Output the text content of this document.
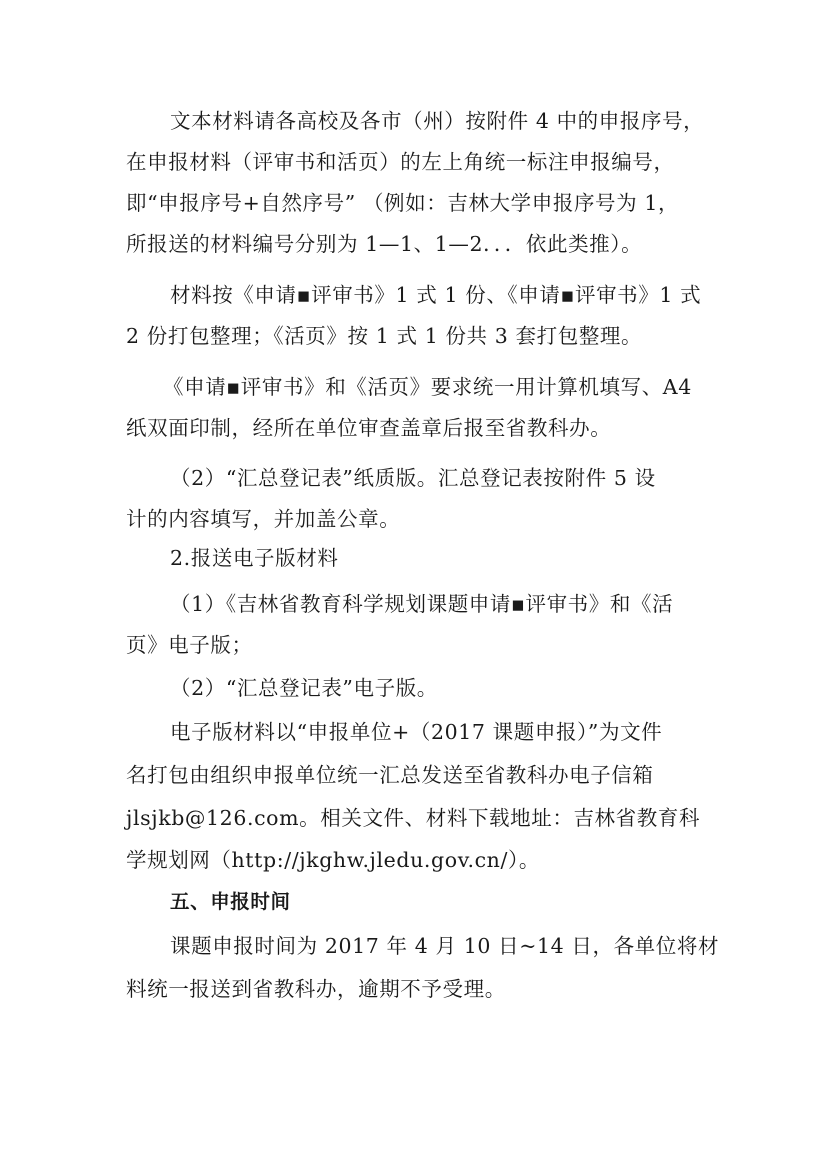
文本材料请各高校及各市（州）按附件 4 中的申报序号，
在申报材料（评审书和活页）的左上角统一标注申报编号，
即“申报序号+自然序号” （例如：吉林大学申报序号为 1，
所报送的材料编号分别为 1—1、1—2．．．依此类推）。
材料按《申请▪评审书》1 式 1 份、《申请▪评审书》1 式
2 份打包整理；《活页》按 1 式 1 份共 3 套打包整理。
《申请▪评审书》和《活页》要求统一用计算机填写、A4
纸双面印制，经所在单位审查盖章后报至省教科办。
（2）“汇总登记表”纸质版。汇总登记表按附件 5 设
计的内容填写，并加盖公章。
2.报送电子版材料
（1）《吉林省教育科学规划课题申请▪评审书》和《活
页》电子版；
（2）“汇总登记表”电子版。
电子版材料以“申报单位+（2017 课题申报）”为文件
名打包由组织申报单位统一汇总发送至省教科办电子信箱
jlsjkb@126.com。相关文件、材料下载地址：吉林省教育科
学规划网（http://jkghw.jledu.gov.cn/）。
五、申报时间
课题申报时间为 2017 年 4 月 10 日~14 日，各单位将材
料统一报送到省教科办，逾期不予受理。
